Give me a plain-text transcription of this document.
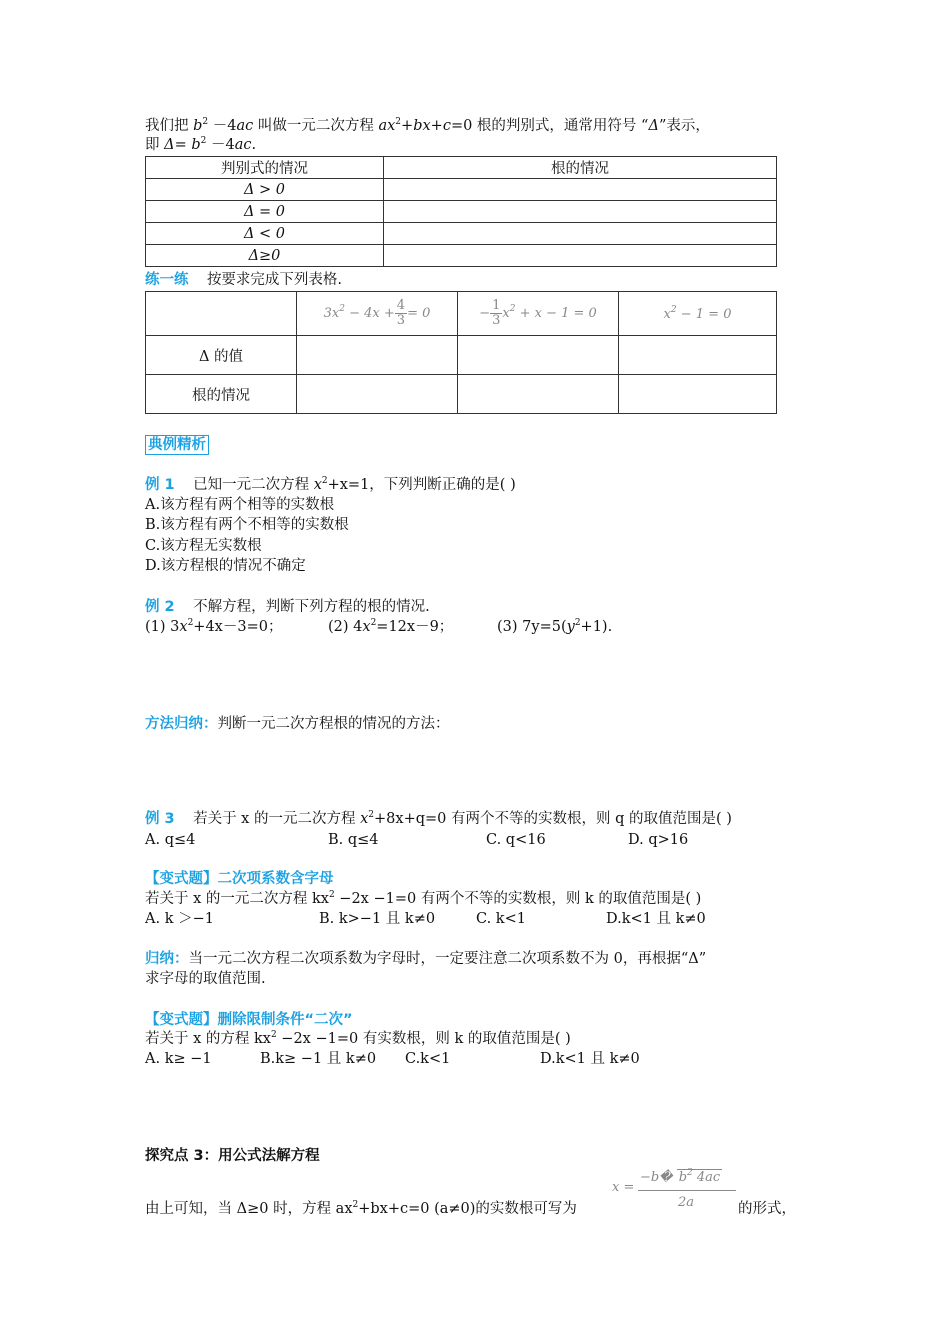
我们把 $b^2 -4ac$ 叫做一元二次方程 $ax^2+bx+c=0$ 根的判别式，通常用符号 “Δ”表示，
即 $\Delta= b^2 -4ac$.
判别式的情况	根的情况
Δ > 0	
Δ = 0	
Δ < 0	
Δ≥0	
练一练 按要求完成下列表格.
	$3x^2 - 4x + \frac{4}{3} = 0$	− $\frac{1}{3} x^2 + x - 1 = 0$	$x^2 - 1 = 0$
Δ 的值			
根的情况			
典例精析
例 1 已知一元二次方程 $x^2+x=1$，下列判断正确的是( )
A.该方程有两个相等的实数根
B.该方程有两个不相等的实数根
C.该方程无实数根
D.该方程根的情况不确定
例 2 不解方程，判断下列方程的根的情况.
(1) $3x^2+4x-3=0$；	(2) $4x^2=12x-9$；	(3) $7y=5(y^2+1)$.
方法归纳：判断一元二次方程根的情况的方法：
例 3 若关于 x 的一元二次方程 $x^2+8x+q=0$ 有两个不等的实数根，则 q 的取值范围是( )
A. q≤4	B. q≤4	C. q<16	D. q>16
【变式题】二次项系数含字母
若关于 x 的一元二次方程 $kx^2 -2x -1=0$ 有两个不等的实数根，则 k 的取值范围是( )
A. k ＞−1	B. k>−1 且 k≠0	C. k<1	D.k<1 且 k≠0
归纳：当一元二次方程二次项系数为字母时，一定要注意二次项系数不为 0，再根据“Δ”
求字母的取值范围.
【变式题】删除限制条件“二次”
若关于 x 的方程 $kx^2 -2x -1=0$ 有实数根，则 k 的取值范围是( )
A. k≥ −1	B.k≥ −1 且 k≠0 C.k<1	D.k<1 且 k≠0
探究点 3：用公式法解方程
由上可知，当 Δ≥0 时，方程 $ax^2+bx+c=0$ (a≠0)的实数根可写为
x =
−b� $b^2$ 4ac
2a	的形式，
